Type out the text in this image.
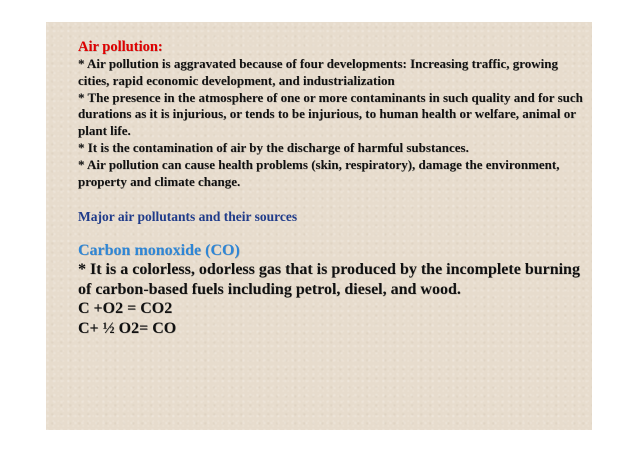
Air pollution:

* Air pollution is aggravated because of four developments: Increasing traffic, growing cities, rapid economic development, and industrialization

* The presence in the atmosphere of one or more contaminants in such quality and for such durations as it is injurious, or tends to be injurious, to human health or welfare, animal or plant life.

* It is the contamination of air by the discharge of harmful substances.

* Air pollution can cause health problems (skin, respiratory), damage the environment, property and climate change.

Major air pollutants and their sources

Carbon monoxide (CO)

* It is a colorless, odorless gas that is produced by the incomplete burning of carbon-based fuels including petrol, diesel, and wood.

C +O2 = CO2

C+ ½ O2= CO
